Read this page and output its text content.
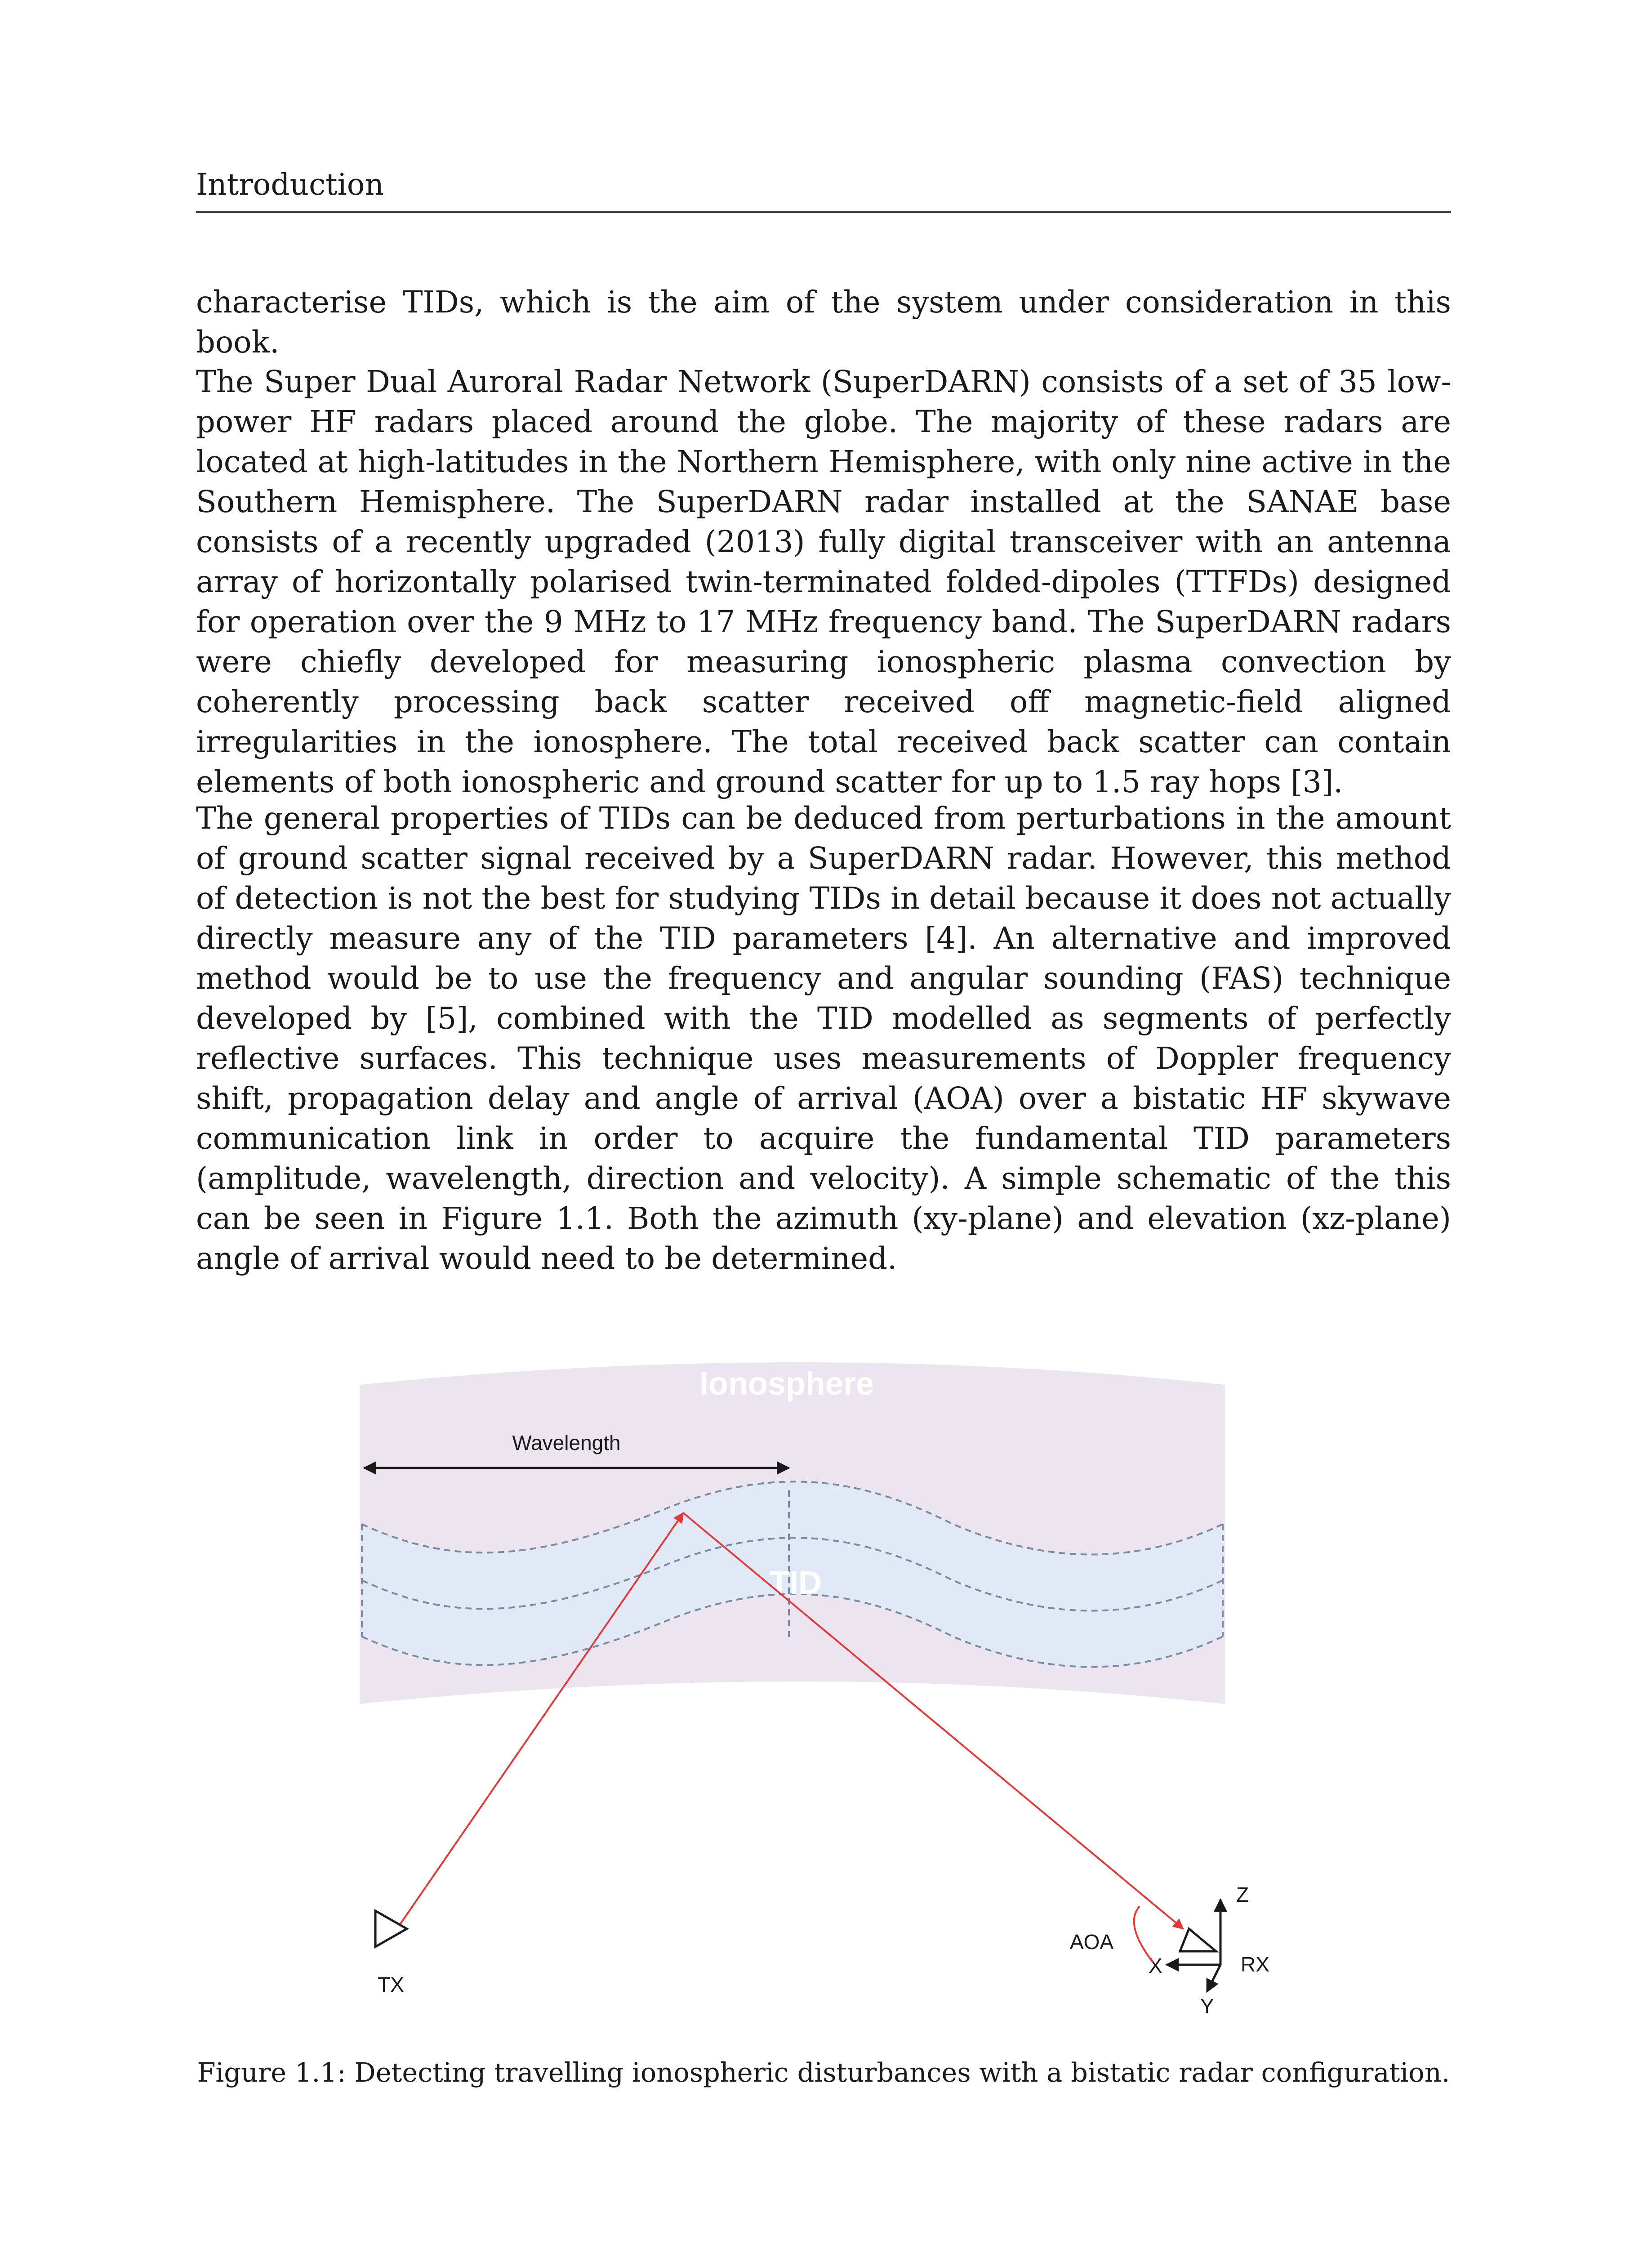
Introduction

characterise TIDs, which is the aim of the system under consideration in this book.

The Super Dual Auroral Radar Network (SuperDARN) consists of a set of 35 low-power HF radars placed around the globe. The majority of these radars are located at high-latitudes in the Northern Hemisphere, with only nine active in the Southern Hemisphere. The SuperDARN radar installed at the SANAE base consists of a recently upgraded (2013) fully digital transceiver with an antenna array of horizontally polarised twin-terminated folded-dipoles (TTFDs) designed for operation over the 9 MHz to 17 MHz frequency band. The SuperDARN radars were chiefly developed for measuring ionospheric plasma convection by coherently processing back scatter received off magnetic-field aligned irregularities in the ionosphere. The total received back scatter can contain elements of both ionospheric and ground scatter for up to 1.5 ray hops [3].

The general properties of TIDs can be deduced from perturbations in the amount of ground scatter signal received by a SuperDARN radar. However, this method of detection is not the best for studying TIDs in detail because it does not actually directly measure any of the TID parameters [4]. An alternative and improved method would be to use the frequency and angular sounding (FAS) technique developed by [5], combined with the TID modelled as segments of perfectly reflective surfaces. This technique uses measurements of Doppler frequency shift, propagation delay and angle of arrival (AOA) over a bistatic HF skywave communication link in order to acquire the fundamental TID parameters (amplitude, wavelength, direction and velocity). A simple schematic of the this can be seen in Figure 1.1. Both the azimuth (xy-plane) and elevation (xz-plane) angle of arrival would need to be determined.

Ionosphere
TID
Wavelength
TX
Z
X
Y
RX
AOA
Figure 1.1: Detecting travelling ionospheric disturbances with a bistatic radar configuration.
